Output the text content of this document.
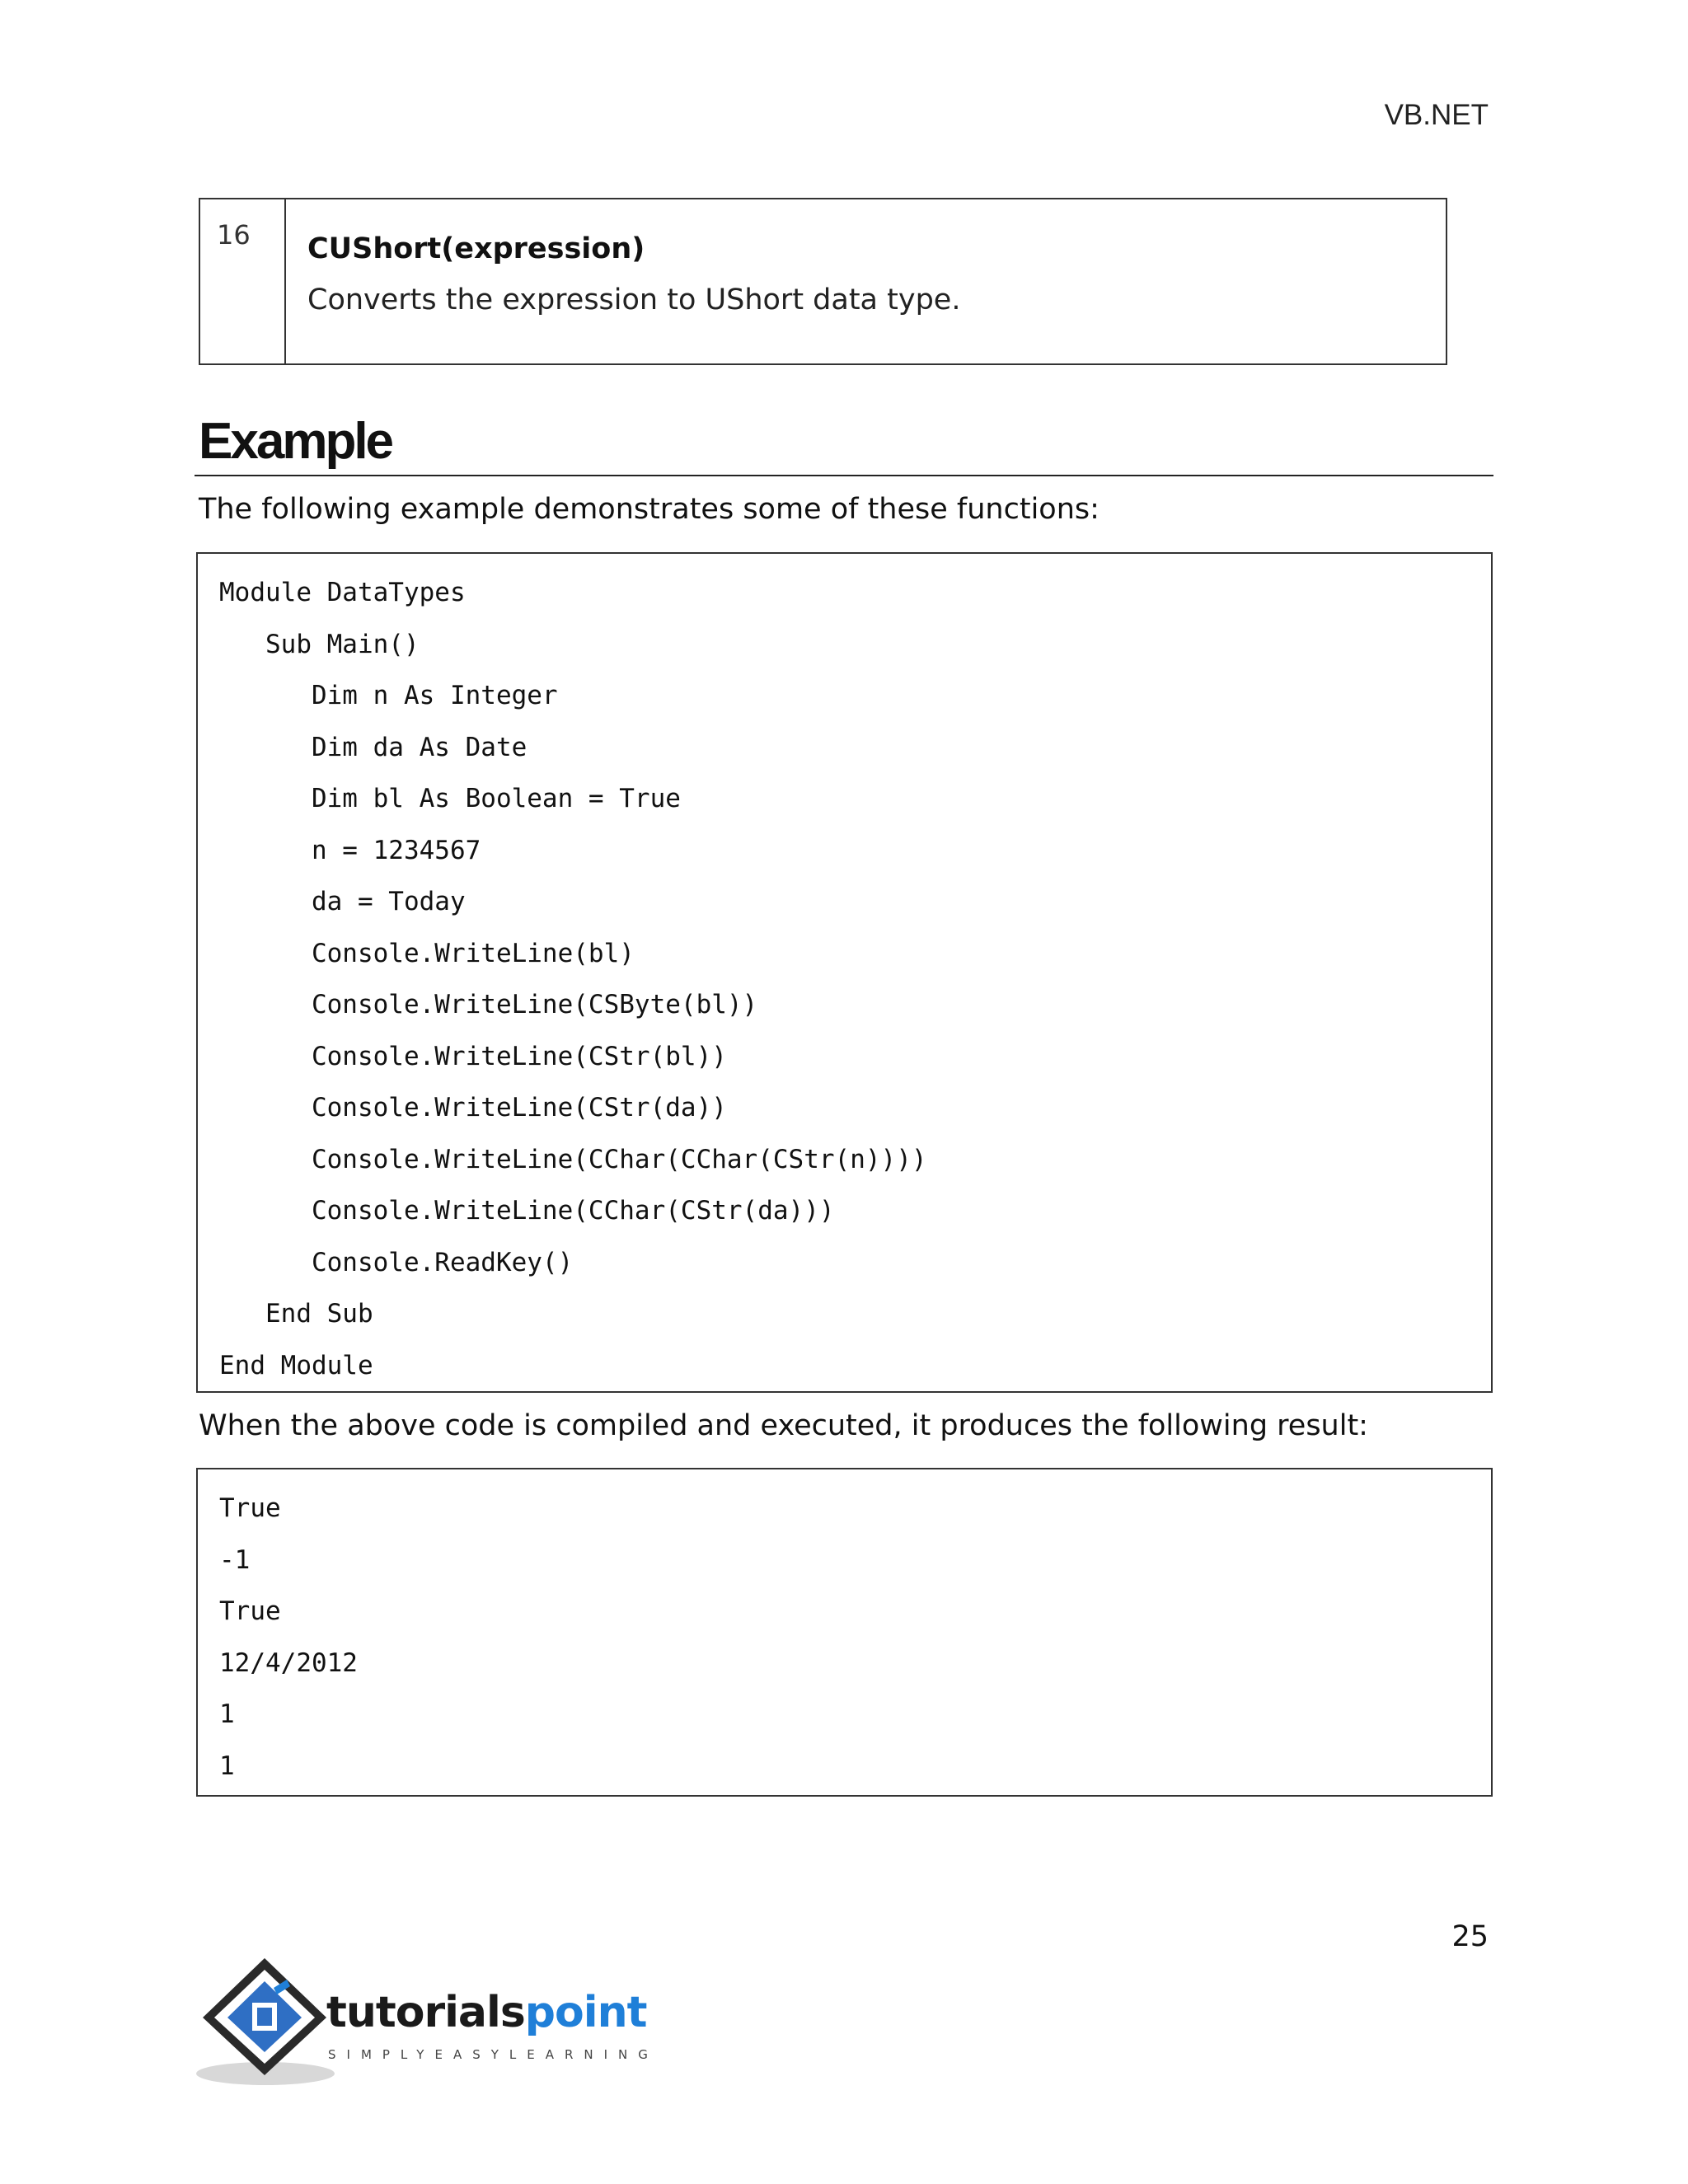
VB.NET
16	CUShort(expression)
Converts the expression to UShort data type.
Example
The following example demonstrates some of these functions:
Module DataTypes
Sub Main()
Dim n As Integer
Dim da As Date
Dim bl As Boolean = True
n = 1234567
da = Today
Console.WriteLine(bl)
Console.WriteLine(CSByte(bl))
Console.WriteLine(CStr(bl))
Console.WriteLine(CStr(da))
Console.WriteLine(CChar(CChar(CStr(n))))
Console.WriteLine(CChar(CStr(da)))
Console.ReadKey()
End Sub
End Module
When the above code is compiled and executed, it produces the following result:
True
-1
True
12/4/2012
1
1
25
tutorialspoint
SIMPLYEASYLEARNING
